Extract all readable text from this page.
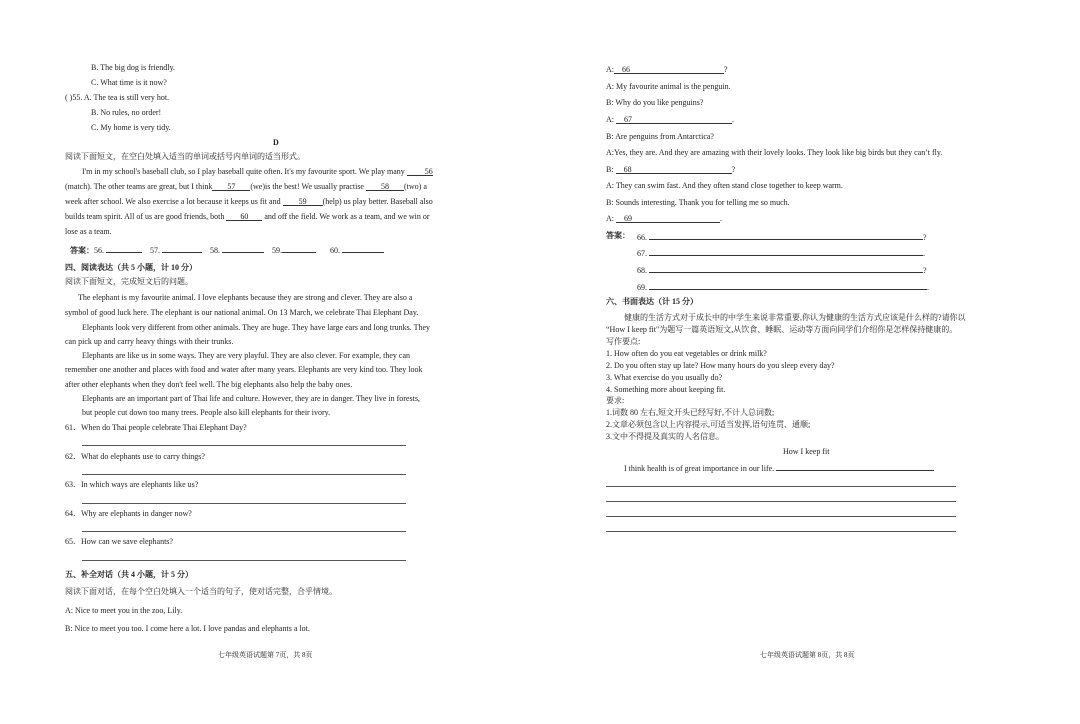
B. The big dog is friendly.
C. What time is it now?
( )55. A. The tea is still very hot.
B. No rules, no order!
C. My home is very tidy.
D
阅读下面短文，在空白处填入适当的单词或括号内单词的适当形式。
I'm in my school's baseball club, so I play baseball quite often. It's my favourite sport. We play many	56
(match). The other teams are great, but I think 57 (we)is the best! We usually practise 58 (two) a
week after school. We also exercise a lot because it keeps us fit and 59 (help) us play better. Baseball also
builds team spirit. All of us are good friends, both 60 and off the field. We work as a team, and we win or
lose as a team.
答案：56.	57.	58.	59.	60.
四、阅读表达（共 5 小题，计 10 分）
阅读下面短文，完成短文后的问题。
The elephant is my favourite animal. I love elephants because they are strong and clever. They are also a
symbol of good luck here. The elephant is our national animal. On 13 March, we celebrate Thai Elephant Day.
Elephants look very different from other animals. They are huge. They have large ears and long trunks. They
can pick up and carry heavy things with their trunks.
Elephants are like us in some ways. They are very playful. They are also clever. For example, they can
remember one another and places with food and water after many years. Elephants are very kind too. They look
after other elephants when they don't feel well. The big elephants also help the baby ones.
Elephants are an important part of Thai life and culture. However, they are in danger. They live in forests,
but people cut down too many trees. People also kill elephants for their ivory.
61．When do Thai people celebrate Thai Elephant Day?
62．What do elephants use to carry things?
63．In which ways are elephants like us?
64．Why are elephants in danger now?
65．How can we save elephants?
五、补全对话（共 4 小题，计 5 分）
阅读下面对话，在每个空白处填入一个适当的句子，使对话完整，合乎情境。
A: Nice to meet you in the zoo, Lily.
B: Nice to meet you too. I come here a lot. I love pandas and elephants a lot.
七年级英语试题第 7页，共 8页
A: 66	?
A: My favourite animal is the penguin.
B: Why do you like penguins?
A: 67	.
B: Are penguins from Antarctica?
A:Yes, they are. And they are amazing with their lovely looks. They look like big birds but they can’t fly.
B: 68	?
A: They can swim fast. And they often stand close together to keep warm.
B: Sounds interesting. Thank you for telling me so much.
A: 69	.
答案： 66.	?
67.	.
68.	?
69.	.
六、书面表达（计 15 分）
健康的生活方式对于成长中的中学生来说非常重要,你认为健康的生活方式应该是什么样的?请你以
“How I keep fit"为题写一篇英语短文,从饮食、睡眠、运动等方面向同学们介绍你是怎样保持健康的。
写作要点:
1. How often do you eat vegetables or drink milk?
2. Do you often stay up late? How many hours do you sleep every day?
3. What exercise do you usually do?
4. Something more about keeping fit.
要求:
1.词数 80 左右,短文开头已经写好,不计人总词数;
2.文章必须包含以上内容提示,可适当发挥,语句连贯、通顺;
3.文中不得提及真实的人名信息。
How I keep fit
I think health is of great importance in our life.
七年级英语试题第 8页，共 8页
